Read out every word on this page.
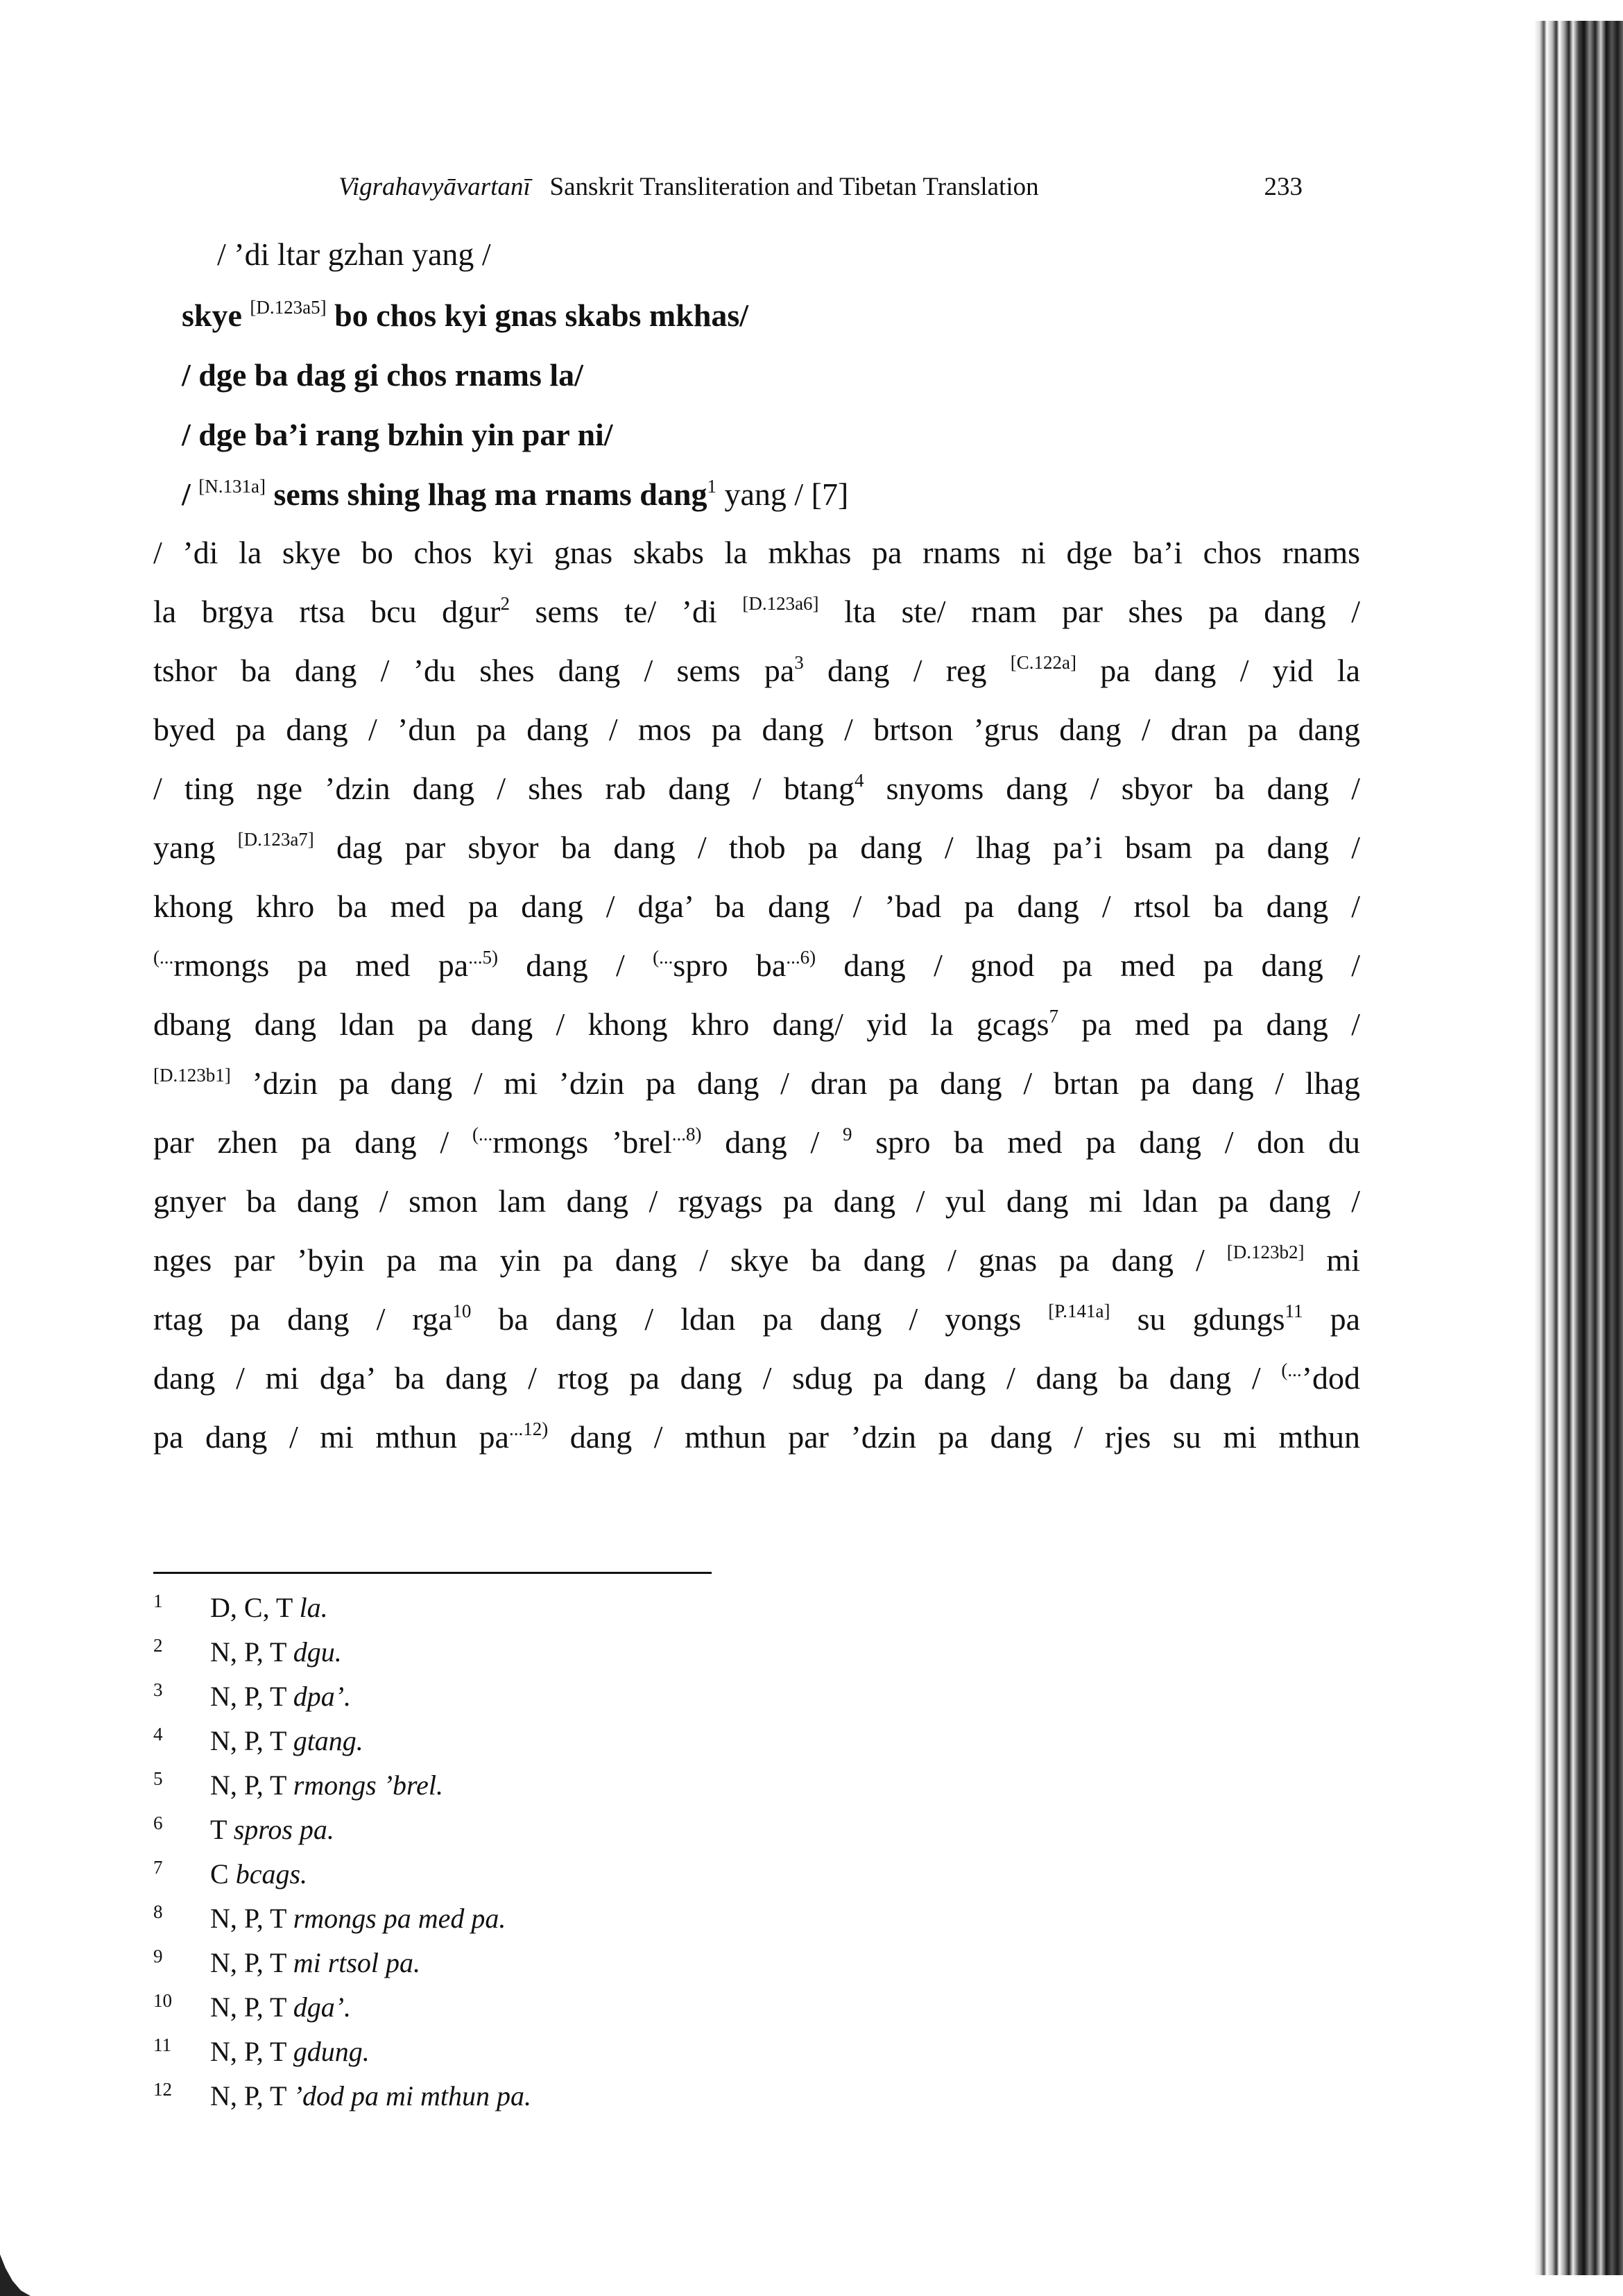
Vigrahavyāvartanī Sanskrit Transliteration and Tibetan Translation	233
/ ’di ltar gzhan yang /
skye [D.123a5] bo chos kyi gnas skabs mkhas/
/ dge ba dag gi chos rnams la/
/ dge ba’i rang bzhin yin par ni/
/ [N.131a] sems shing lhag ma rnams dang$^1$ yang / [7]
/ ’di la skye bo chos kyi gnas skabs la mkhas pa rnams ni dge ba’i chos rnams
la brgya rtsa bcu dgur$^2$ sems te/ ’di [D.123a6] lta ste/ rnam par shes pa dang /
tshor ba dang / ’du shes dang / sems $pa^3$ dang / reg [C.122a] pa dang / yid la
byed pa dang / ’dun pa dang / mos pa dang / brtson ’grus dang / dran pa dang
/ ting nge ’dzin dang / shes rab dang / btang$^4$ snyoms dang / sbyor ba dang /
yang [D.123a7] dag par sbyor ba dang / thob pa dang / lhag pa’i bsam pa dang /
khong khro ba med pa dang / dga’ ba dang / ’bad pa dang / rtsol ba dang /
(...rmongs pa med $pa^{...5)}$ dang / (...spro $ba^{...6)}$ dang / gnod pa med pa dang /
dbang dang ldan pa dang / khong khro dang/ yid la gcags$^7$ pa med pa dang /
[D.123b1] ’dzin pa dang / mi ’dzin pa dang / dran pa dang / brtan pa dang / lhag
par zhen pa dang / (...rmongs ’brel$^{...8)}$ dang / $^9$ spro ba med pa dang / don du
gnyer ba dang / smon lam dang / rgyags pa dang / yul dang mi ldan pa dang /
nges par ’byin pa ma yin pa dang / skye ba dang / gnas pa dang / [D.123b2] mi
rtag pa dang / rga$^{10}$ ba dang / ldan pa dang / yongs [P.141a] su gdungs$^{11}$ pa
dang / mi dga’ ba dang / rtog pa dang / sdug pa dang / dang ba dang / (...’dod
pa dang / mi mthun $pa^{...12)}$ dang / mthun par ’dzin pa dang / rjes su mi mthun
1 D, C, T la.
2 N, P, T dgu.
3 N, P, T dpa’.
4 N, P, T gtang.
5 N, P, T rmongs ’brel.
6 T spros pa.
7 C bcags.
8 N, P, T rmongs pa med pa.
9 N, P, T mi rtsol pa.
10 N, P, T dga’.
11 N, P, T gdung.
12 N, P, T ’dod pa mi mthun pa.
